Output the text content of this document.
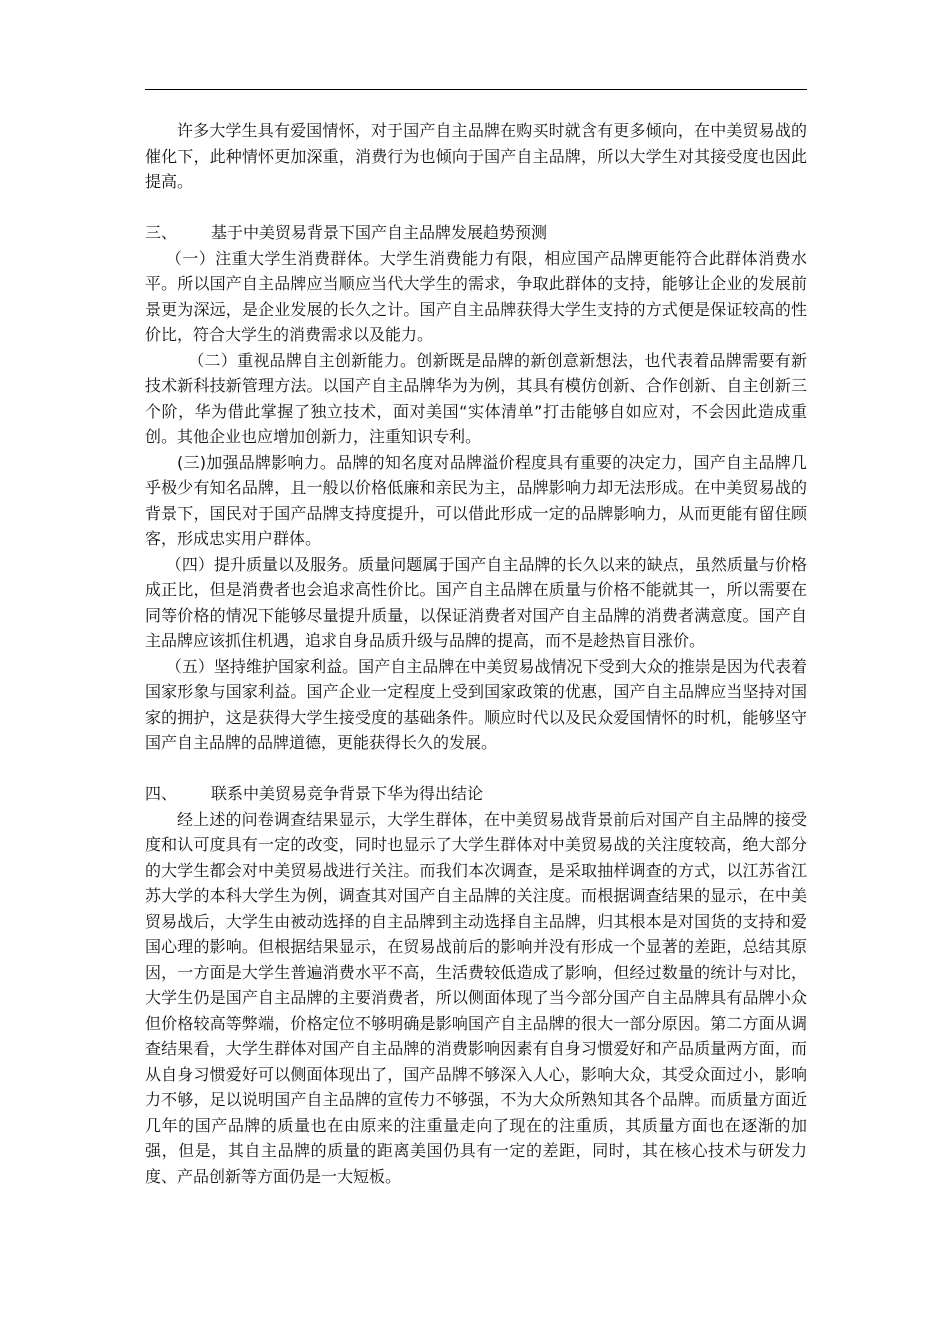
许多大学生具有爱国情怀，对于国产自主品牌在购买时就含有更多倾向，在中美贸易战的催化下，此种情怀更加深重，消费行为也倾向于国产自主品牌，所以大学生对其接受度也因此提高。

三、	基于中美贸易背景下国产自主品牌发展趋势预测

（一）注重大学生消费群体。大学生消费能力有限，相应国产品牌更能符合此群体消费水平。所以国产自主品牌应当顺应当代大学生的需求，争取此群体的支持，能够让企业的发展前景更为深远，是企业发展的长久之计。国产自主品牌获得大学生支持的方式便是保证较高的性价比，符合大学生的消费需求以及能力。

（二）重视品牌自主创新能力。创新既是品牌的新创意新想法，也代表着品牌需要有新技术新科技新管理方法。以国产自主品牌华为为例，其具有模仿创新、合作创新、自主创新三个阶，华为借此掌握了独立技术，面对美国“实体清单”打击能够自如应对，不会因此造成重创。其他企业也应增加创新力，注重知识专利。

(三)加强品牌影响力。品牌的知名度对品牌溢价程度具有重要的决定力，国产自主品牌几乎极少有知名品牌，且一般以价格低廉和亲民为主，品牌影响力却无法形成。在中美贸易战的背景下，国民对于国产品牌支持度提升，可以借此形成一定的品牌影响力，从而更能有留住顾客，形成忠实用户群体。

（四）提升质量以及服务。质量问题属于国产自主品牌的长久以来的缺点，虽然质量与价格成正比，但是消费者也会追求高性价比。国产自主品牌在质量与价格不能就其一，所以需要在同等价格的情况下能够尽量提升质量，以保证消费者对国产自主品牌的消费者满意度。国产自主品牌应该抓住机遇，追求自身品质升级与品牌的提高，而不是趁热盲目涨价。

（五）坚持维护国家利益。国产自主品牌在中美贸易战情况下受到大众的推崇是因为代表着国家形象与国家利益。国产企业一定程度上受到国家政策的优惠，国产自主品牌应当坚持对国家的拥护，这是获得大学生接受度的基础条件。顺应时代以及民众爱国情怀的时机，能够坚守国产自主品牌的品牌道德，更能获得长久的发展。

四、	联系中美贸易竞争背景下华为得出结论

经上述的问卷调查结果显示，大学生群体，在中美贸易战背景前后对国产自主品牌的接受度和认可度具有一定的改变，同时也显示了大学生群体对中美贸易战的关注度较高，绝大部分的大学生都会对中美贸易战进行关注。而我们本次调查，是采取抽样调查的方式，以江苏省江苏大学的本科大学生为例，调查其对国产自主品牌的关注度。而根据调查结果的显示，在中美贸易战后，大学生由被动选择的自主品牌到主动选择自主品牌，归其根本是对国货的支持和爱国心理的影响。但根据结果显示，在贸易战前后的影响并没有形成一个显著的差距，总结其原因，一方面是大学生普遍消费水平不高，生活费较低造成了影响，但经过数量的统计与对比，大学生仍是国产自主品牌的主要消费者，所以侧面体现了当今部分国产自主品牌具有品牌小众但价格较高等弊端，价格定位不够明确是影响国产自主品牌的很大一部分原因。第二方面从调查结果看，大学生群体对国产自主品牌的消费影响因素有自身习惯爱好和产品质量两方面，而从自身习惯爱好可以侧面体现出了，国产品牌不够深入人心，影响大众，其受众面过小，影响力不够，足以说明国产自主品牌的宣传力不够强，不为大众所熟知其各个品牌。而质量方面近几年的国产品牌的质量也在由原来的注重量走向了现在的注重质，其质量方面也在逐渐的加强，但是，其自主品牌的质量的距离美国仍具有一定的差距，同时，其在核心技术与研发力度、产品创新等方面仍是一大短板。
